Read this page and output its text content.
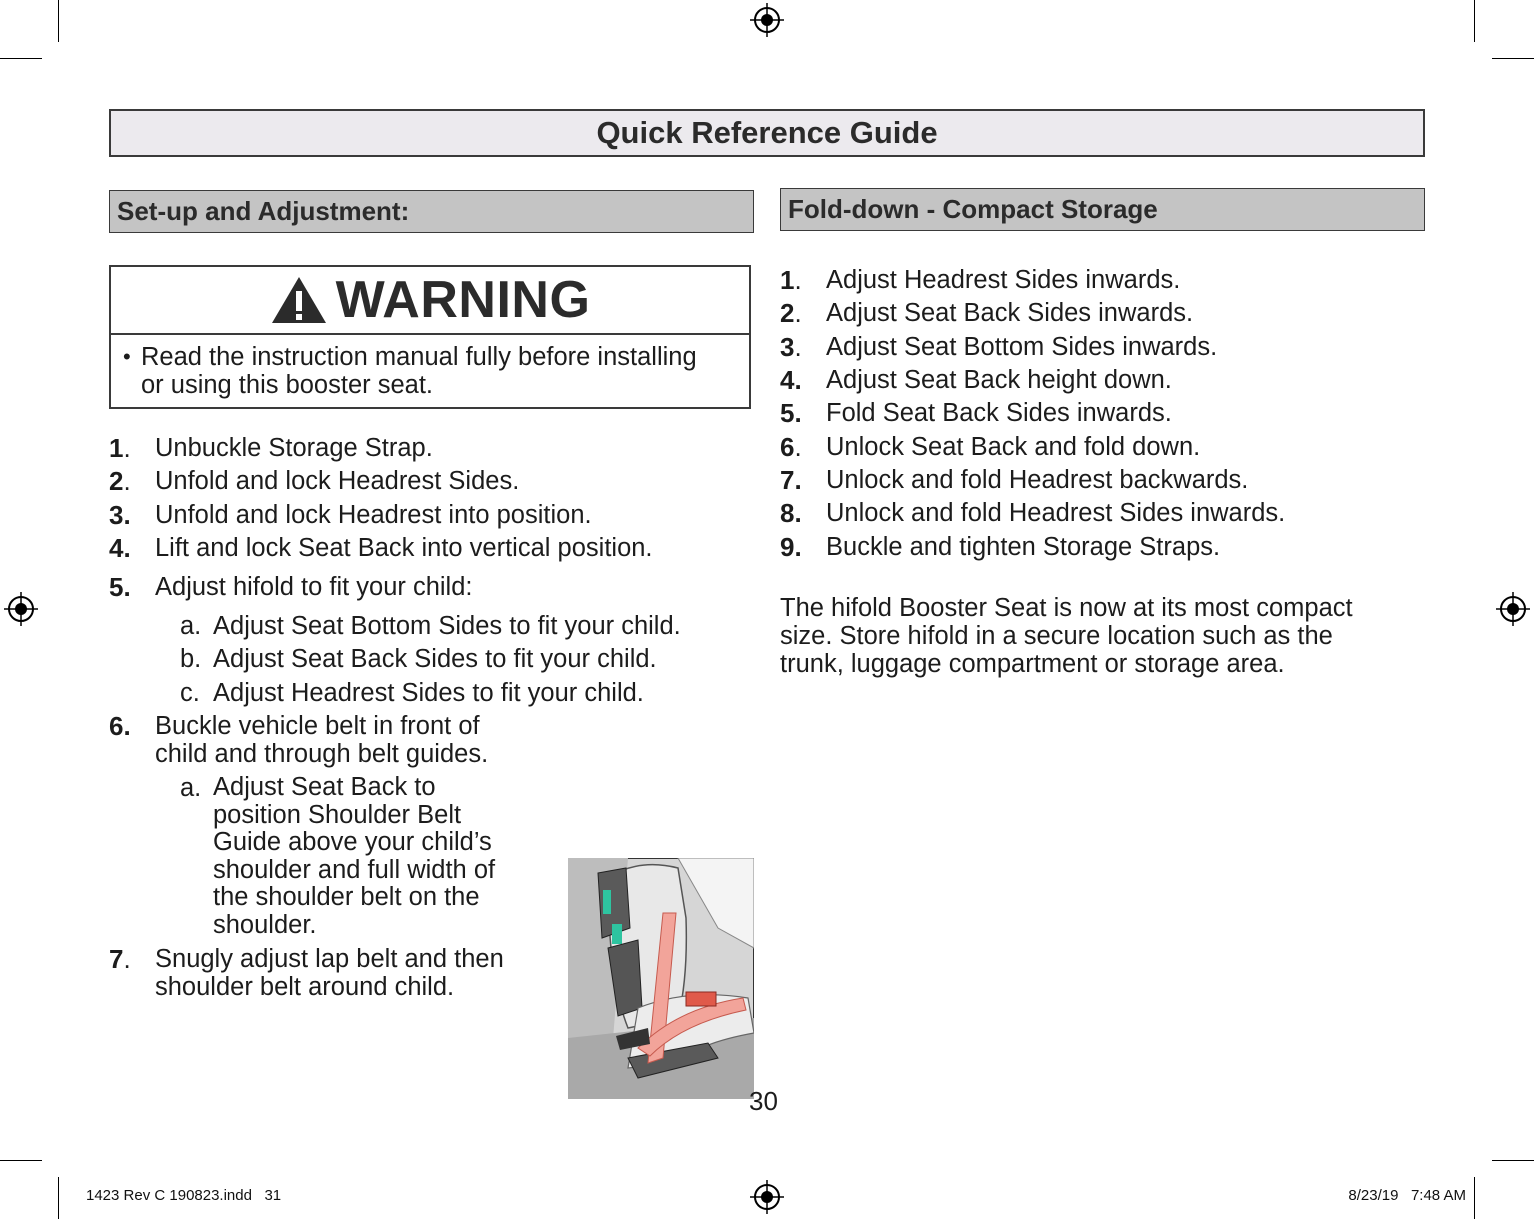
Quick Reference Guide
Set-up and Adjustment:	Fold-down - Compact Storage
WARNING
• Read the instruction manual fully before installing
or using this booster seat.
1. Unbuckle Storage Strap.
2. Unfold and lock Headrest Sides.
3. Unfold and lock Headrest into position.
4. Lift and lock Seat Back into vertical position.
5. Adjust hifold to fit your child:
a. Adjust Seat Bottom Sides to fit your child.
b. Adjust Seat Back Sides to fit your child.
c. Adjust Headrest Sides to fit your child.
6. Buckle vehicle belt in front of
child and through belt guides.
a. Adjust Seat Back to
position Shoulder Belt
Guide above your child’s
shoulder and full width of
the shoulder belt on the
shoulder.
7. Snugly adjust lap belt and then
shoulder belt around child.
30
1. Adjust Headrest Sides inwards.
2. Adjust Seat Back Sides inwards.
3. Adjust Seat Bottom Sides inwards.
4. Adjust Seat Back height down.
5. Fold Seat Back Sides inwards.
6. Unlock Seat Back and fold down.
7. Unlock and fold Headrest backwards.
8. Unlock and fold Headrest Sides inwards.
9. Buckle and tighten Storage Straps.
The hifold Booster Seat is now at its most compact
size. Store hifold in a secure location such as the
trunk, luggage compartment or storage area.
1423 Rev C 190823.indd   31	8/23/19   7:48 AM
